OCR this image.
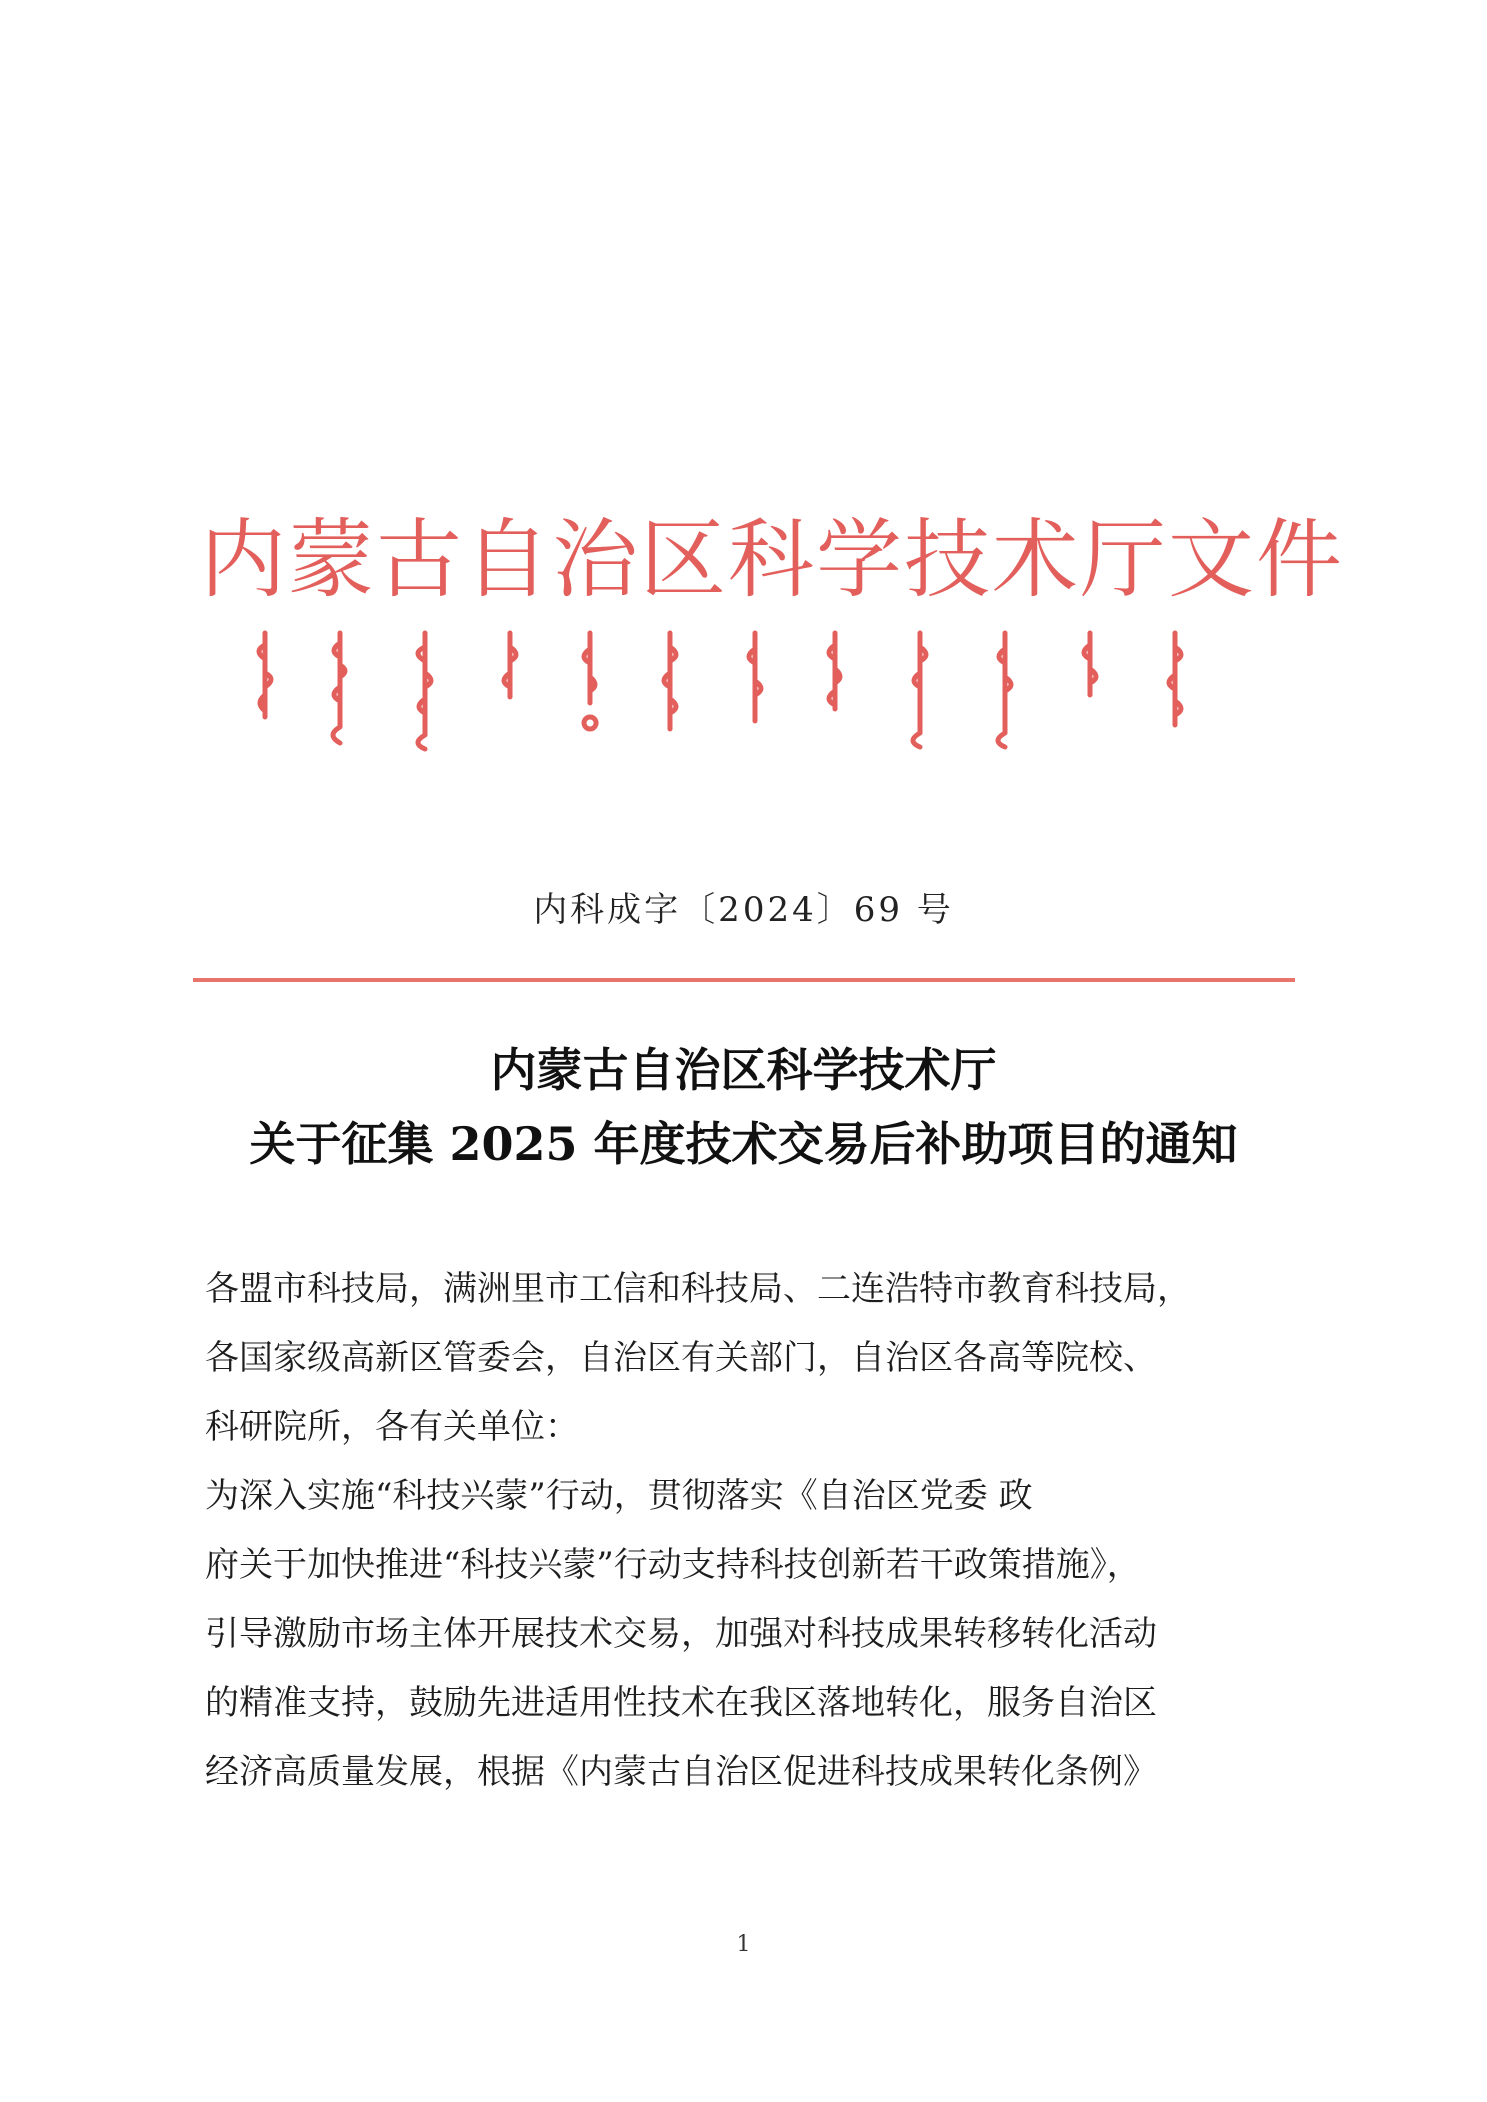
内蒙古自治区科学技术厅文件
内科成字〔2024〕69 号
内蒙古自治区科学技术厅
关于征集 2025 年度技术交易后补助项目的通知
各盟市科技局，满洲里市工信和科技局、二连浩特市教育科技局，
各国家级高新区管委会，自治区有关部门，自治区各高等院校、
科研院所，各有关单位：
为深入实施“科技兴蒙”行动，贯彻落实《自治区党委 政
府关于加快推进“科技兴蒙”行动支持科技创新若干政策措施》，
引导激励市场主体开展技术交易，加强对科技成果转移转化活动
的精准支持，鼓励先进适用性技术在我区落地转化，服务自治区
经济高质量发展，根据《内蒙古自治区促进科技成果转化条例》
1
